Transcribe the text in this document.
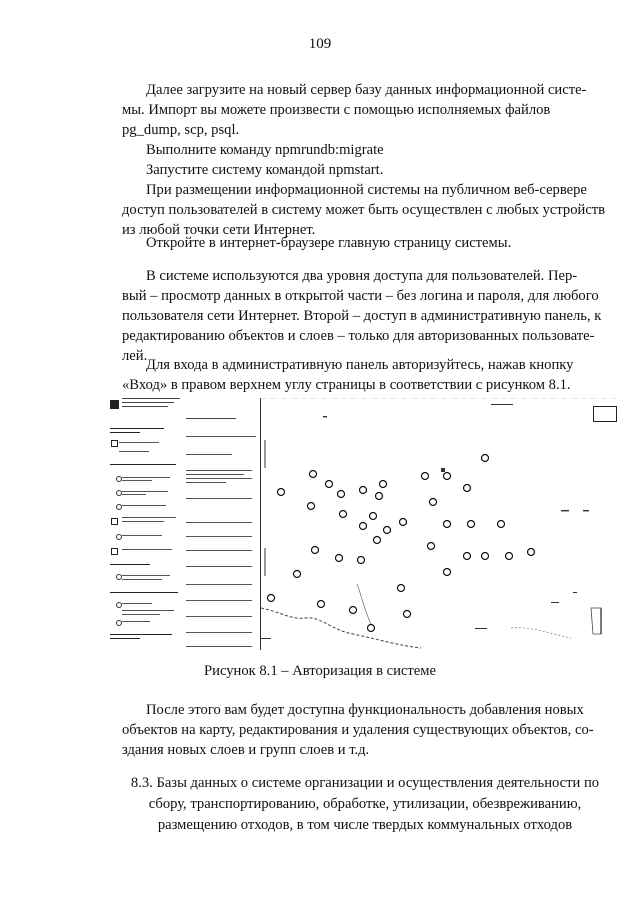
109
Далее загрузите на новый сервер базу данных информационной систе-
мы. Импорт вы можете произвести с помощью исполняемых файлов
pg_dump, scp, psql.
Выполните команду npmrundb:migrate
Запустите систему командой npmstart.
При размещении информационной системы на публичном веб-сервере
доступ пользователей в систему может быть осуществлен с любых устройств
из любой точки сети Интернет.
Откройте в интернет-браузере главную страницу системы.
В системе используются два уровня доступа для пользователей. Пер-
вый – просмотр данных в открытой части – без логина и пароля, для любого
пользователя сети Интернет. Второй – доступ в административную панель, к
редактированию объектов и слоев – только для авторизованных пользовате-
лей.
Для входа в административную панель авторизуйтесь, нажав кнопку
«Вход» в правом верхнем углу страницы в соответствии с рисунком 8.1.
Рисунок 8.1 – Авторизация в системе
После этого вам будет доступна функциональность добавления новых
объектов на карту, редактирования и удаления существующих объектов, со-
здания новых слоев и групп слоев и т.д.
8.3. Базы данных о системе организации и осуществления деятельности по
сбору, транспортированию, обработке, утилизации, обезвреживанию,
размещению отходов, в том числе твердых коммунальных отходов
